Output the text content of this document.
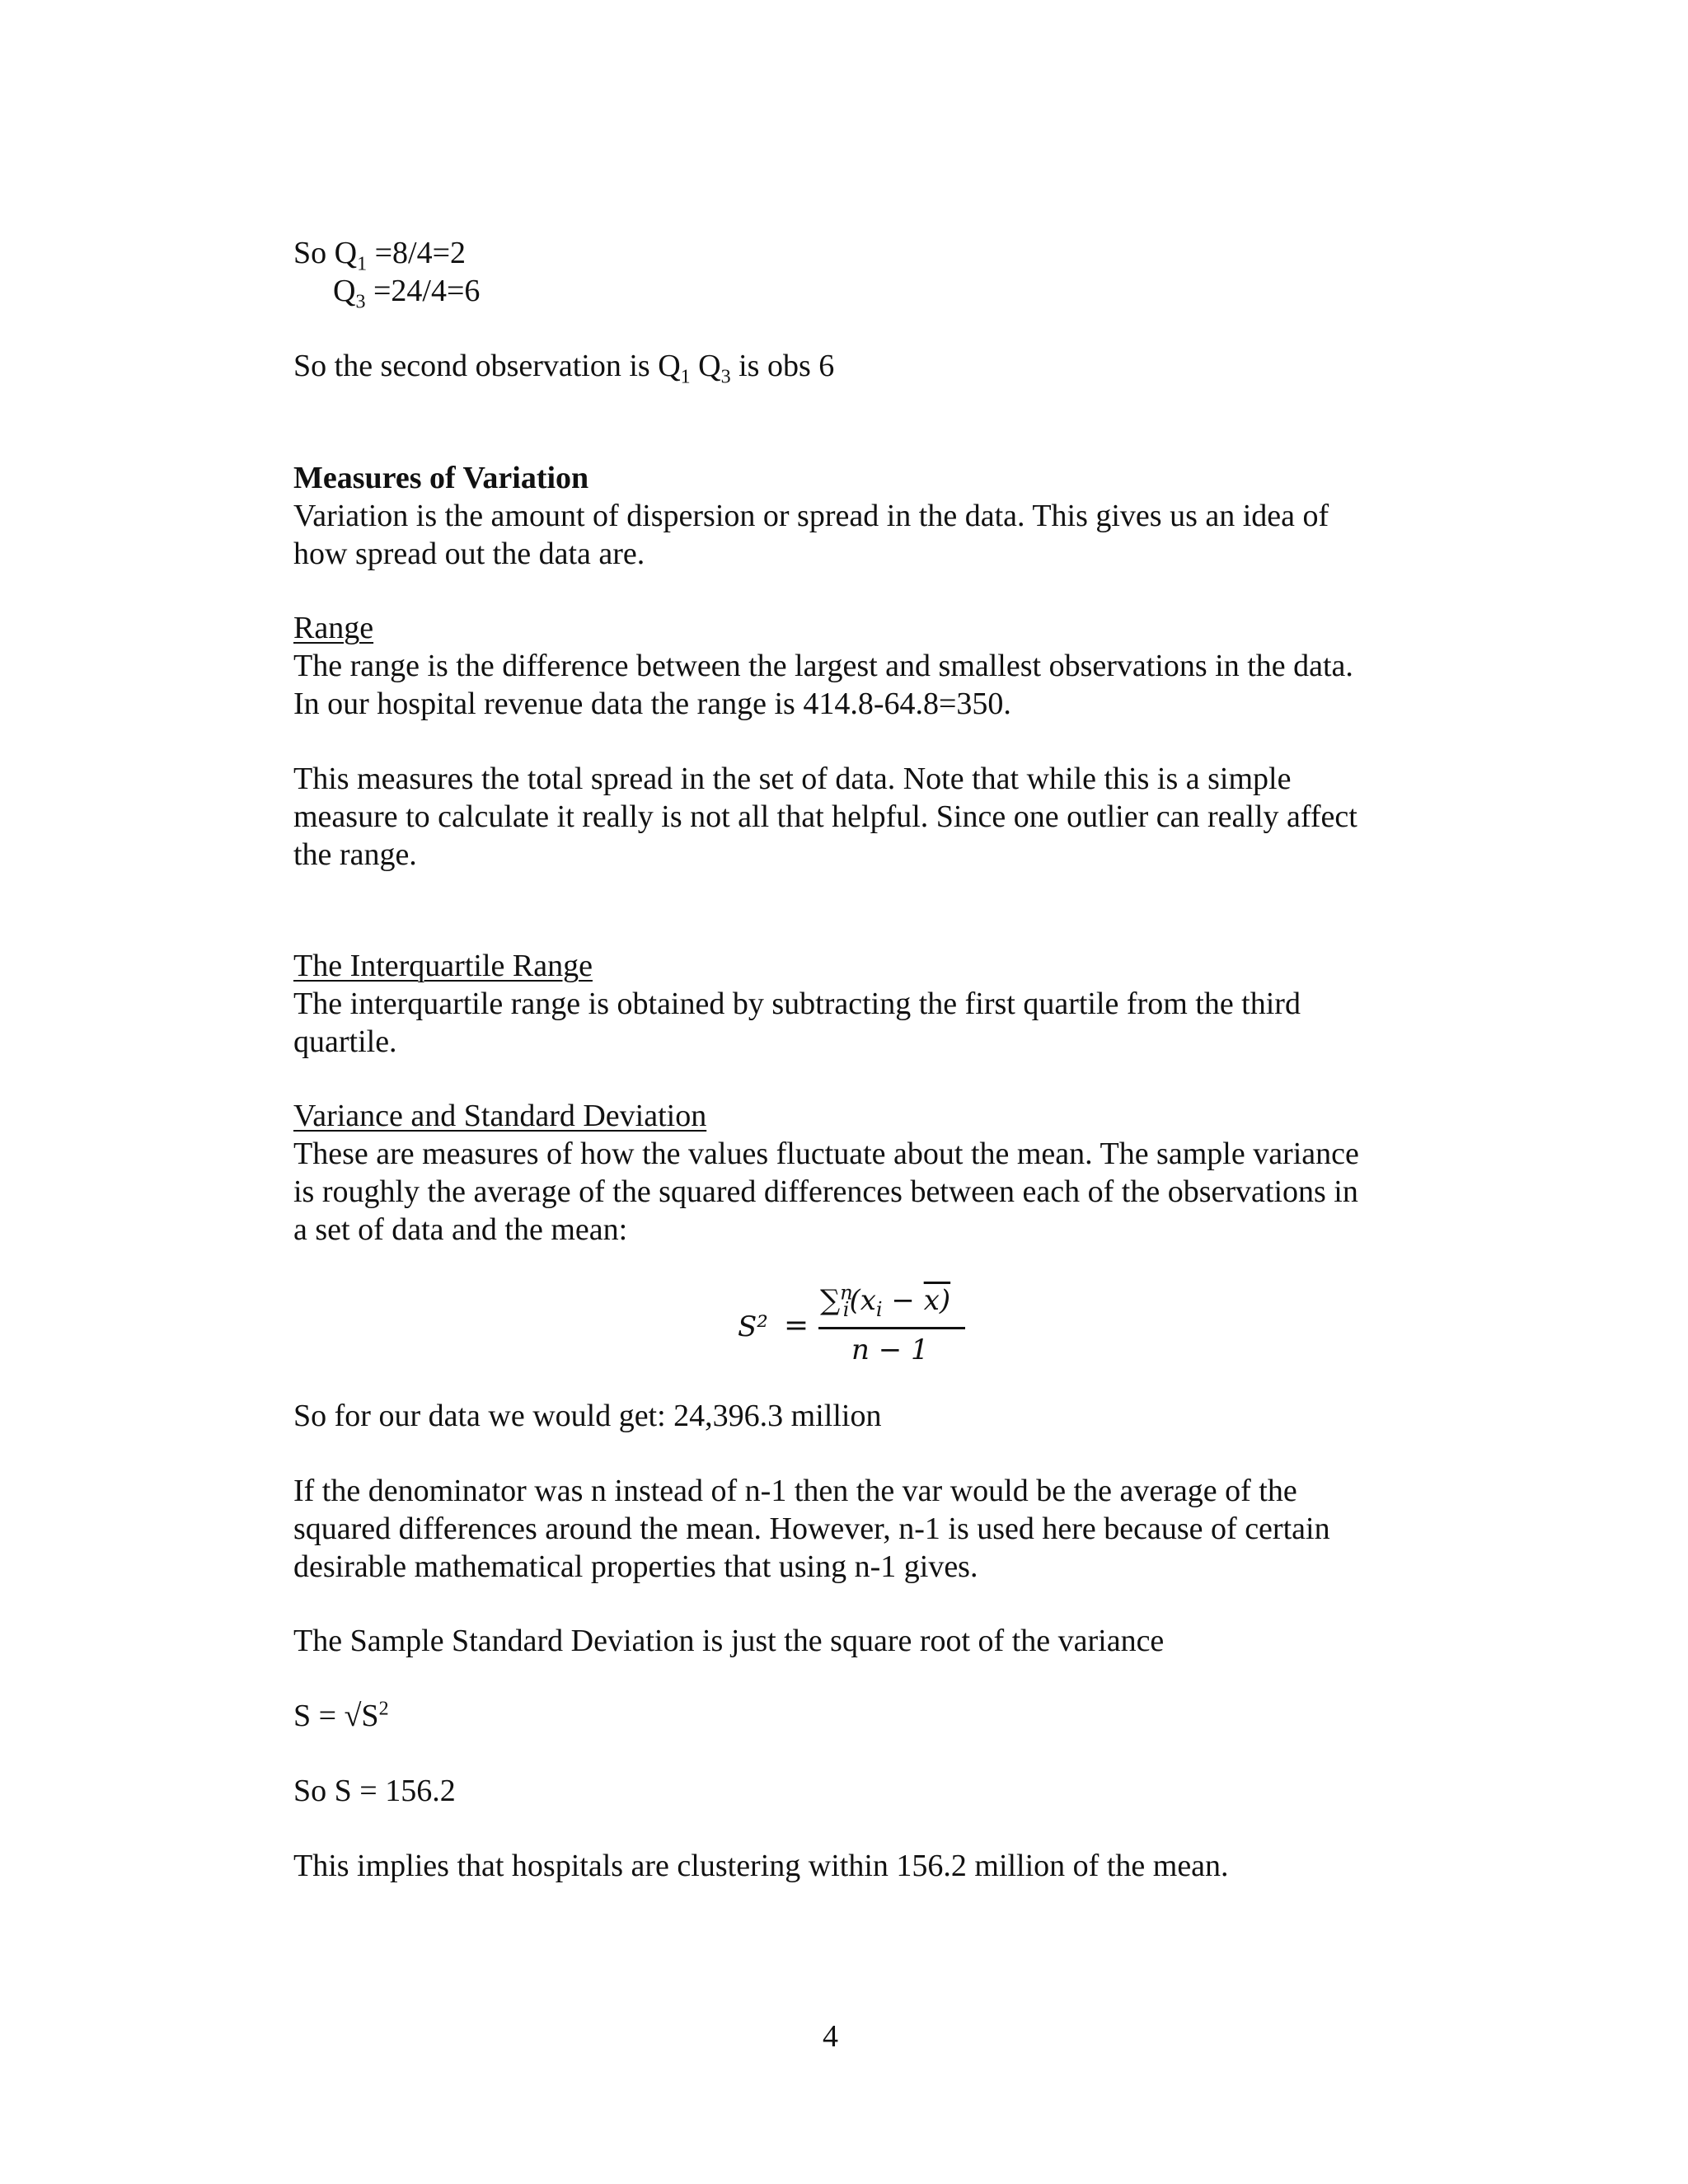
So $Q_1 =8/4=2$
$Q_3 =24/4=6$
So the second observation is $Q_1$ $Q_3$ is obs 6
Measures of Variation
Variation is the amount of dispersion or spread in the data. This gives us an idea of
how spread out the data are.
Range
The range is the difference between the largest and smallest observations in the data.
In our hospital revenue data the range is 414.8-64.8=350.
This measures the total spread in the set of data. Note that while this is a simple
measure to calculate it really is not all that helpful. Since one outlier can really affect
the range.
The Interquartile Range
The interquartile range is obtained by subtracting the first quartile from the third
quartile.
Variance and Standard Deviation
These are measures of how the values fluctuate about the mean. The sample variance
is roughly the average of the squared differences between each of the observations in
a set of data and the mean:
S² =
$\sum^n_i(x_i - x)$
n − 1
So for our data we would get: 24,396.3 million
If the denominator was n instead of n-1 then the var would be the average of the
squared differences around the mean. However, n-1 is used here because of certain
desirable mathematical properties that using n-1 gives.
The Sample Standard Deviation is just the square root of the variance
$S = √S^2$
So S = 156.2
This implies that hospitals are clustering within 156.2 million of the mean.
4
